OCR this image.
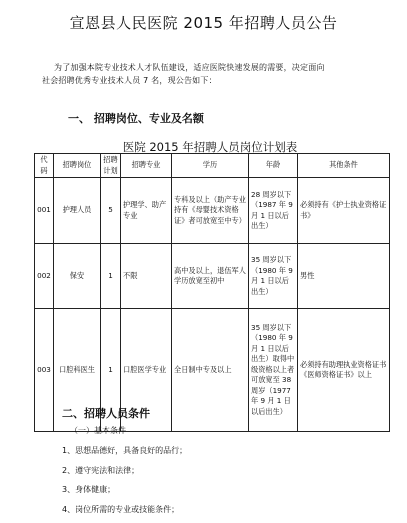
宣恩县人民医院 2015 年招聘人员公告
为了加强本院专业技术人才队伍建设，适应医院快速发展的需要，决定面向
社会招聘优秀专业技术人员 7 名，现公告如下：
一、 招聘岗位、专业及名额
医院 2015 年招聘人员岗位计划表
代码	招聘岗位	招聘计划	招聘专业	学历	年龄	其他条件
001	护理人员	5	护理学、助产专业	专科及以上（助产专业持有《母婴技术资格证》者可放宽至中专）	28 周岁以下（1987 年 9 月 1 日以后出生）	必须持有《护士执业资格证书》
002	保安	1	不限	高中及以上，退伍军人学历放宽至初中	35 周岁以下（1980 年 9 月 1 日以后出生）	男性
003	口腔科医生	1	口腔医学专业	全日制中专及以上	35 周岁以下（1980 年 9 月 1 日以后出生）取得中级资格以上者可放宽至 38 周岁（1977 年 9 月 1 日以后出生）	必须持有助理执业资格证书《医师资格证书》以上
二、招聘人员条件
（一）基本条件
1、思想品德好，具备良好的品行；
2、遵守宪法和法律；
3、身体健康；
4、岗位所需的专业或技能条件；
